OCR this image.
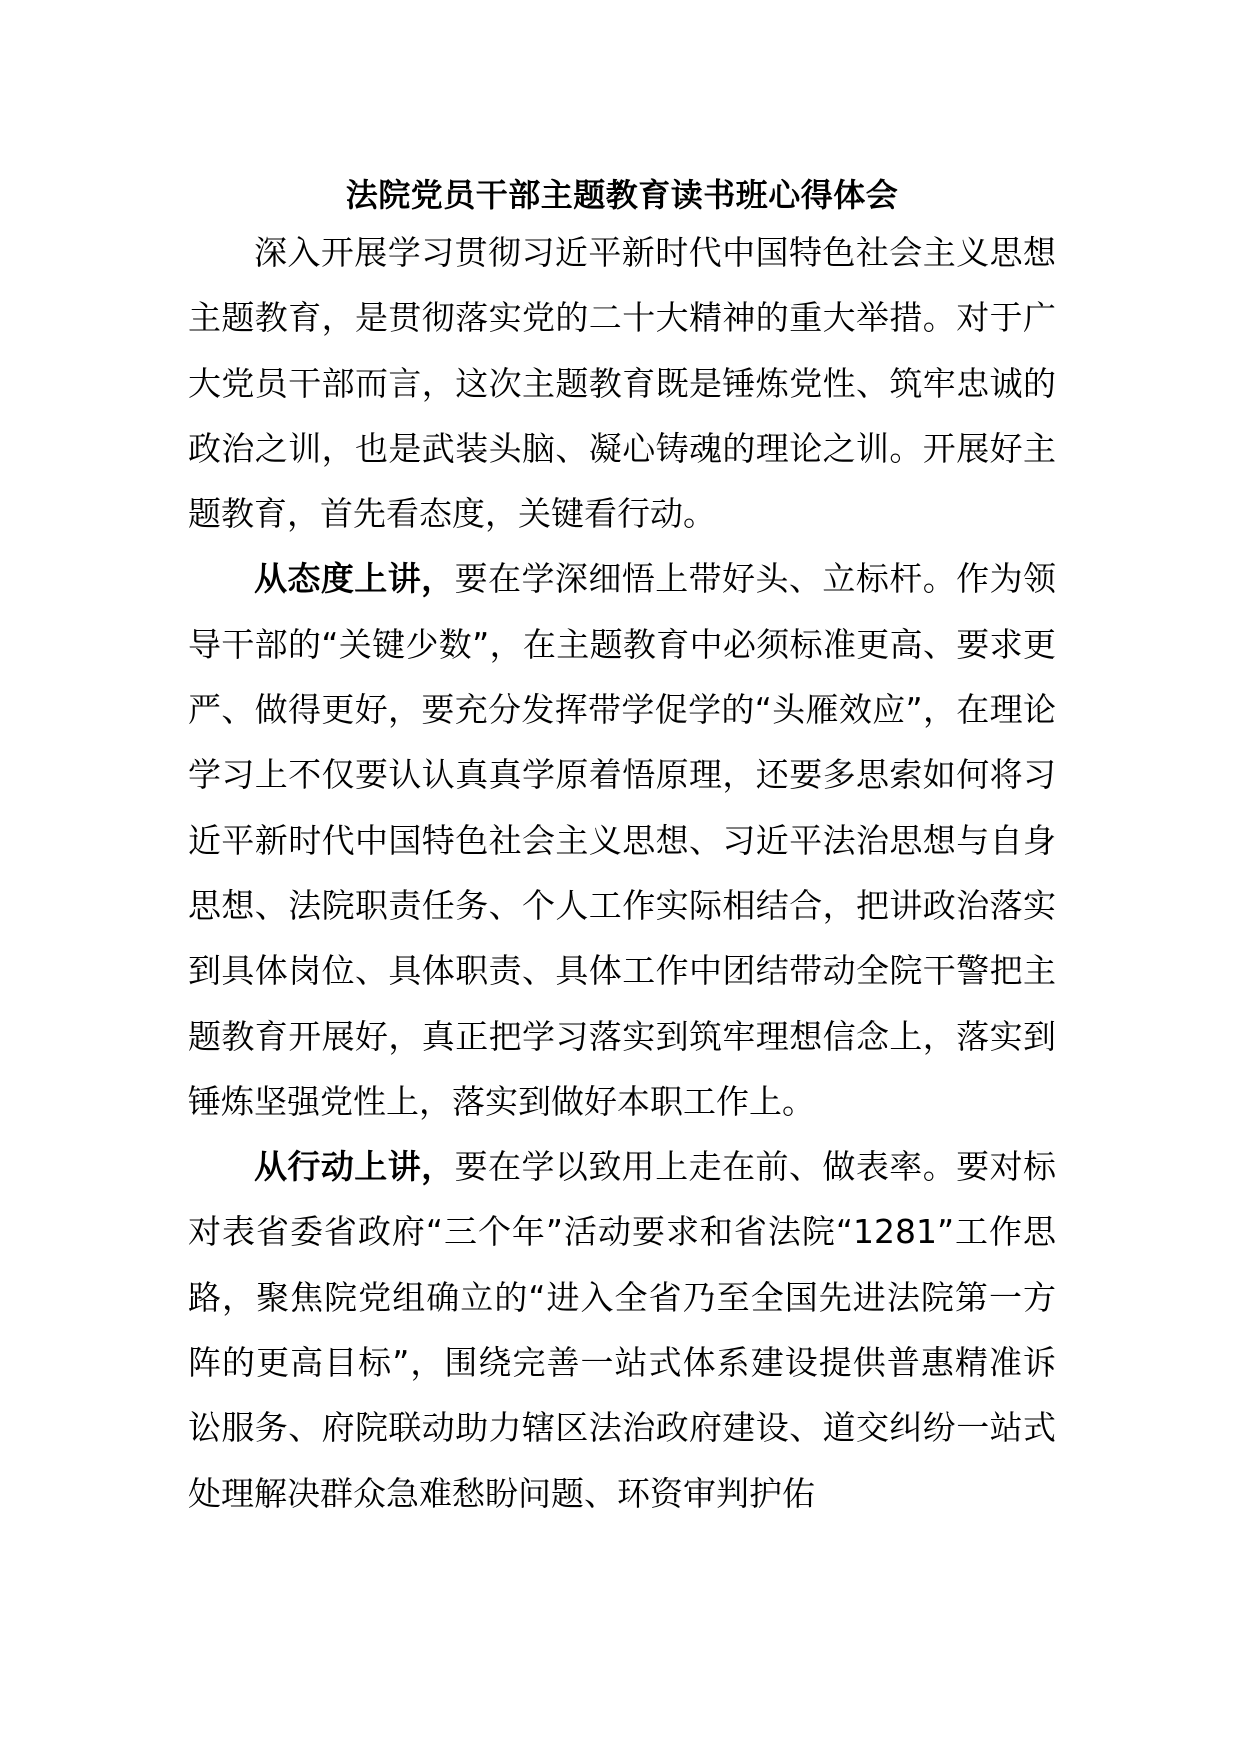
法院党员干部主题教育读书班心得体会

深入开展学习贯彻习近平新时代中国特色社会主义思想主题教育，是贯彻落实党的二十大精神的重大举措。对于广大党员干部而言，这次主题教育既是锤炼党性、筑牢忠诚的政治之训，也是武装头脑、凝心铸魂的理论之训。开展好主题教育，首先看态度，关键看行动。

从态度上讲，要在学深细悟上带好头、立标杆。作为领导干部的“关键少数”，在主题教育中必须标准更高、要求更严、做得更好，要充分发挥带学促学的“头雁效应”，在理论学习上不仅要认认真真学原着悟原理，还要多思索如何将习近平新时代中国特色社会主义思想、习近平法治思想与自身思想、法院职责任务、个人工作实际相结合，把讲政治落实到具体岗位、具体职责、具体工作中团结带动全院干警把主题教育开展好，真正把学习落实到筑牢理想信念上，落实到锤炼坚强党性上，落实到做好本职工作上。

从行动上讲，要在学以致用上走在前、做表率。要对标对表省委省政府“三个年”活动要求和省法院“1281”工作思路，聚焦院党组确立的“进入全省乃至全国先进法院第一方阵的更高目标”，围绕完善一站式体系建设提供普惠精准诉讼服务、府院联动助力辖区法治政府建设、道交纠纷一站式处理解决群众急难愁盼问题、环资审判护佑
